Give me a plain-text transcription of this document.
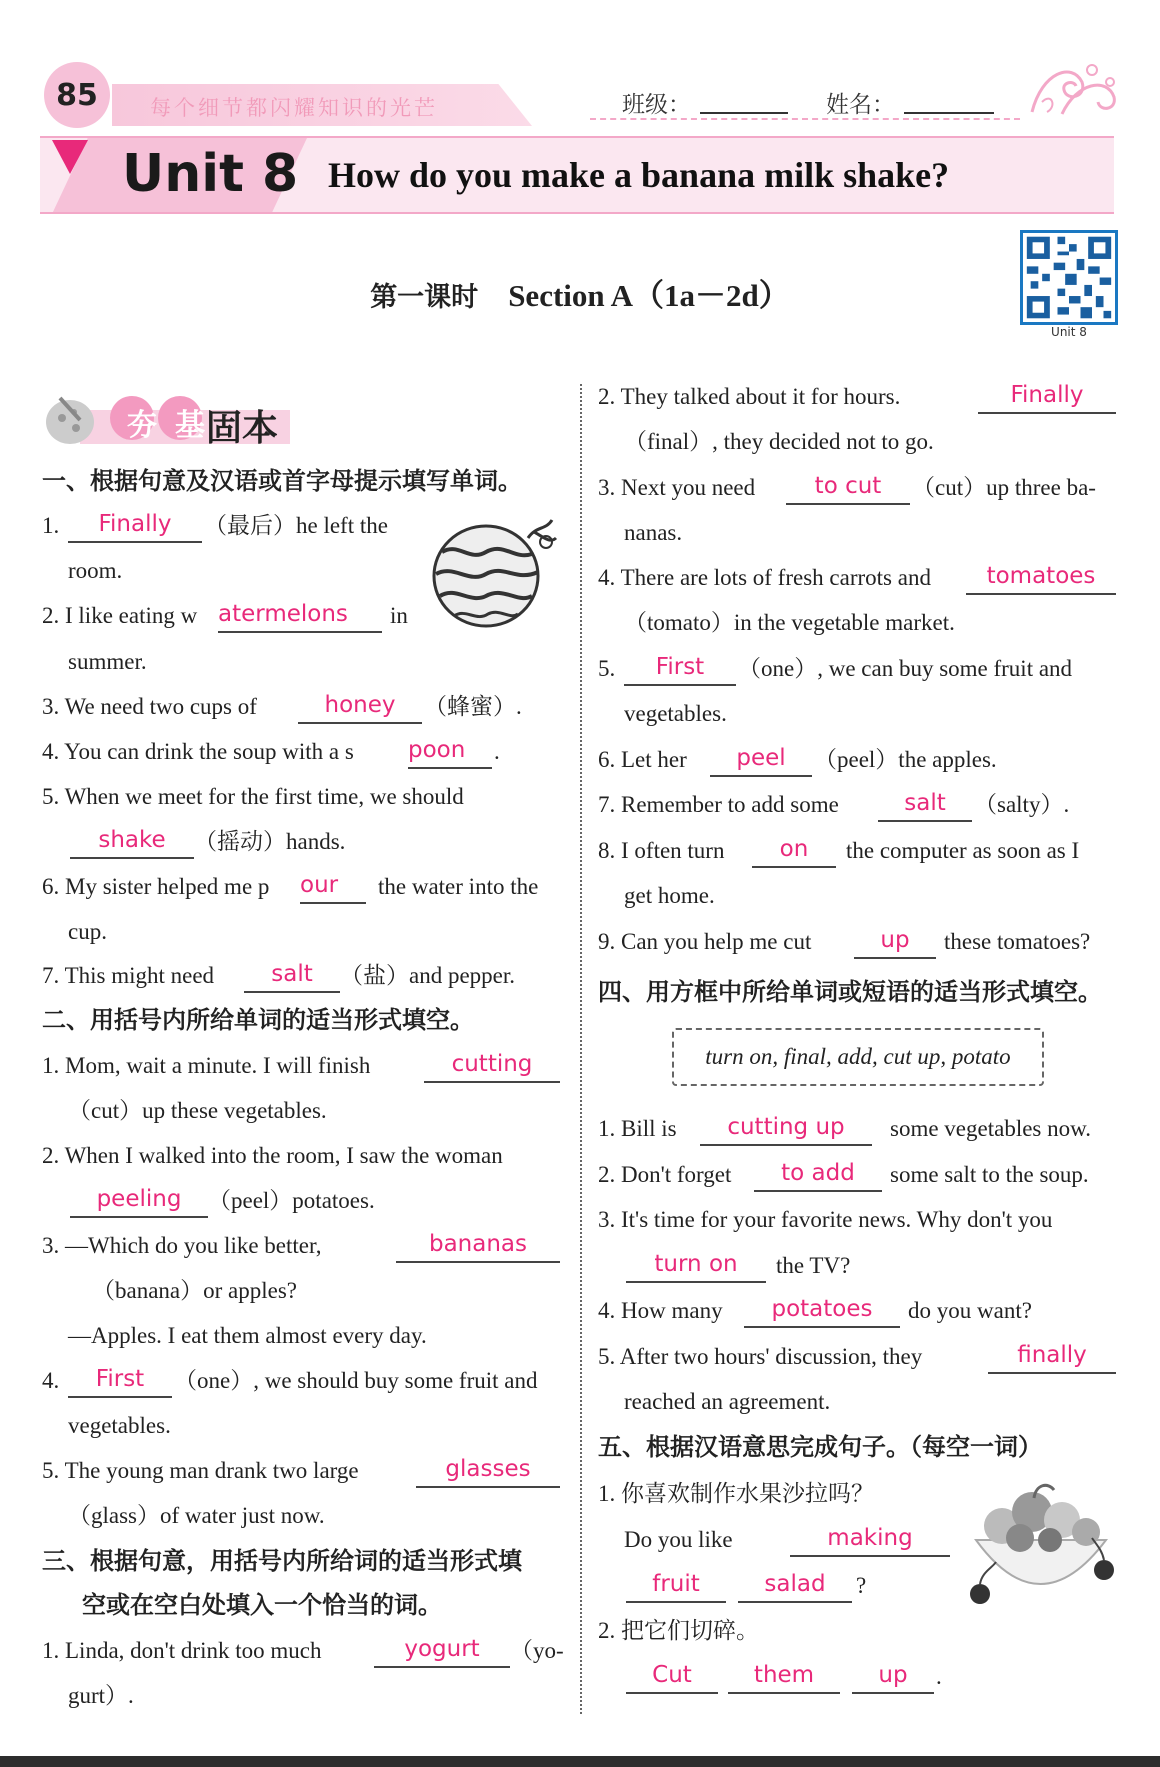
85	每个细节都闪耀知识的光芒	班级：	姓名：
Unit 8 How do you make a banana milk shake?
第一课时 Section A（1a－2d）
Unit 8
夯 基 固本
一、根据句意及汉语或首字母提示填写单词。
1.	Finally	（最后）he left the
room.
2. I like eating w atermelons	in
summer.
3. We need two cups of	honey	（蜂蜜）.
4. You can drink the soup with a s poon	.
5. When we meet for the first time, we should
shake	（摇动）hands.
6. My sister helped me p our	the water into the
cup.
7. This might need	salt	（盐）and pepper.
二、用括号内所给单词的适当形式填空。
1. Mom, wait a minute. I will finish	cutting
（cut）up these vegetables.
2. When I walked into the room, I saw the woman
peeling	（peel）potatoes.
3. —Which do you like better,	bananas
（banana）or apples?
—Apples. I eat them almost every day.
4.	First	（one）, we should buy some fruit and
vegetables.
5. The young man drank two large	glasses
（glass）of water just now.
三、根据句意，用括号内所给词的适当形式填
空或在空白处填入一个恰当的词。
1. Linda, don't drink too much	yogurt	（yo-
gurt）.
2. They talked about it for hours.	Finally
（final）, they decided not to go.
3. Next you need	to cut	（cut）up three ba-
nanas.
4. There are lots of fresh carrots and	tomatoes
（tomato）in the vegetable market.
5.	First	（one）, we can buy some fruit and
vegetables.
6. Let her	peel	（peel）the apples.
7. Remember to add some	salt	（salty）.
8. I often turn	on	the computer as soon as I
get home.
9. Can you help me cut	up	these tomatoes?
四、用方框中所给单词或短语的适当形式填空。
turn on, final, add, cut up, potato
1. Bill is	cutting up	some vegetables now.
2. Don't forget	to add	some salt to the soup.
3. It's time for your favorite news. Why don't you
turn on	the TV?
4. How many	potatoes	do you want?
5. After two hours' discussion, they	finally
reached an agreement.
五、根据汉语意思完成句子。（每空一词）
1. 你喜欢制作水果沙拉吗？
Do you like	making
fruit	salad	?
2. 把它们切碎。
Cut	them	up	.
